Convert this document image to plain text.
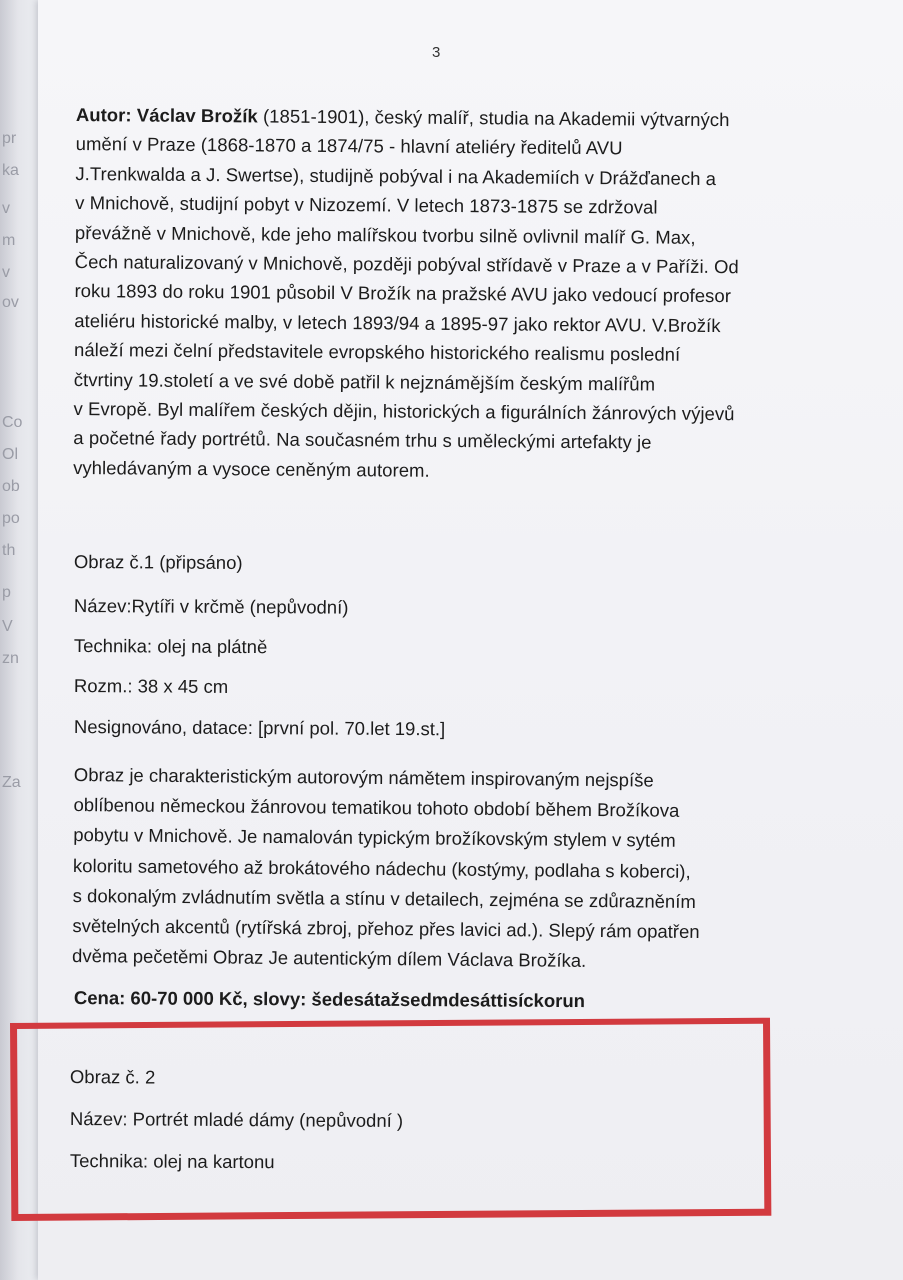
pr
ka
v
m
v
ov
Co
Ol
ob
po
th
p
V
zn
Za
3
Autor: Václav Brožík (1851-1901), český malíř, studia na Akademii výtvarných
umění v Praze (1868-1870 a 1874/75 - hlavní ateliéry ředitelů AVU
J.Trenkwalda a J. Swertse), studijně pobýval i na Akademiích v Drážďanech a
v Mnichově, studijní pobyt v Nizozemí. V letech 1873-1875 se zdržoval
převážně v Mnichově, kde jeho malířskou tvorbu silně ovlivnil malíř G. Max,
Čech naturalizovaný v Mnichově, později pobýval střídavě v Praze a v Paříži. Od
roku 1893 do roku 1901 působil V Brožík na pražské AVU jako vedoucí profesor
ateliéru historické malby, v letech 1893/94 a 1895-97 jako rektor AVU. V.Brožík
náleží mezi čelní představitele evropského historického realismu poslední
čtvrtiny 19.století a ve své době patřil k nejznámějším českým malířům
v Evropě. Byl malířem českých dějin, historických a figurálních žánrových výjevů
a početné řady portrétů. Na současném trhu s uměleckými artefakty je
vyhledávaným a vysoce ceněným autorem.
Obraz č.1 (připsáno)
Název:Rytíři v krčmě (nepůvodní)
Technika: olej na plátně
Rozm.: 38 x 45 cm
Nesignováno, datace: [první pol. 70.let 19.st.]
Obraz je charakteristickým autorovým námětem inspirovaným nejspíše
oblíbenou německou žánrovou tematikou tohoto období během Brožíkova
pobytu v Mnichově. Je namalován typickým brožíkovským stylem v sytém
koloritu sametového až brokátového nádechu (kostýmy, podlaha s koberci),
s dokonalým zvládnutím světla a stínu v detailech, zejména se zdůrazněním
světelných akcentů (rytířská zbroj, přehoz přes lavici ad.). Slepý rám opatřen
dvěma pečetěmi Obraz Je autentickým dílem Václava Brožíka.
Cena: 60-70 000 Kč, slovy: šedesátažsedmdesáttisíckorun
Obraz č. 2
Název: Portrét mladé dámy (nepůvodní )
Technika: olej na kartonu
